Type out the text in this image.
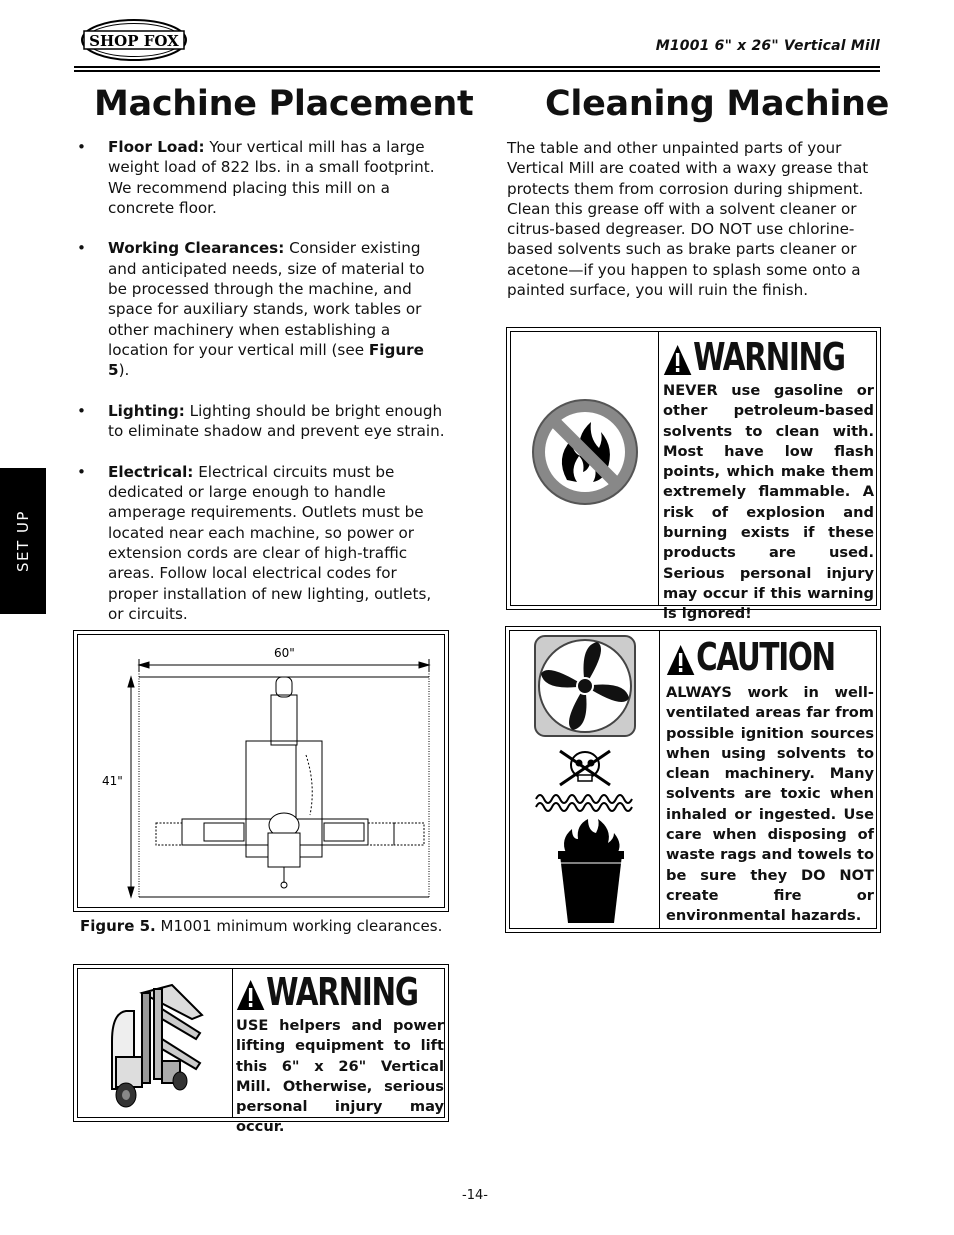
SHOP FOX	M1001 6" x 26" Vertical Mill
Machine Placement
• Floor Load: Your vertical mill has a large weight load of 822 lbs. in a small footprint. We recommend placing this mill on a concrete floor.
• Working Clearances: Consider existing and anticipated needs, size of material to be processed through the machine, and space for auxiliary stands, work tables or other machinery when establishing a location for your vertical mill (see Figure 5).
• Lighting: Lighting should be bright enough to eliminate shadow and prevent eye strain.
• Electrical: Electrical circuits must be dedicated or large enough to handle amperage requirements. Outlets must be located near each machine, so power or extension cords are clear of high-traffic areas. Follow local electrical codes for proper installation of new lighting, outlets, or circuits.
SET UP
60"
41"
Figure 5. M1001 minimum working clearances.
WARNING
USE helpers and power lifting equipment to lift this 6" x 26" Vertical Mill. Otherwise, serious personal injury may occur.
Cleaning Machine

The table and other unpainted parts of your Vertical Mill are coated with a waxy grease that protects them from corrosion during shipment. Clean this grease off with a solvent cleaner or citrus-based degreaser. DO NOT use chlorine-based solvents such as brake parts cleaner or acetone—if you happen to splash some onto a painted surface, you will ruin the finish.

WARNING
NEVER use gasoline or other petroleum-based solvents to clean with. Most have low flash points, which make them extremely flammable. A risk of explosion and burning exists if these products are used. Serious personal injury may occur if this warning is ignored!
CAUTION
ALWAYS work in well-ventilated areas far from possible ignition sources when using solvents to clean machinery. Many solvents are toxic when inhaled or ingested. Use care when disposing of waste rags and towels to be sure they DO NOT create fire or environmental hazards.
-14-
